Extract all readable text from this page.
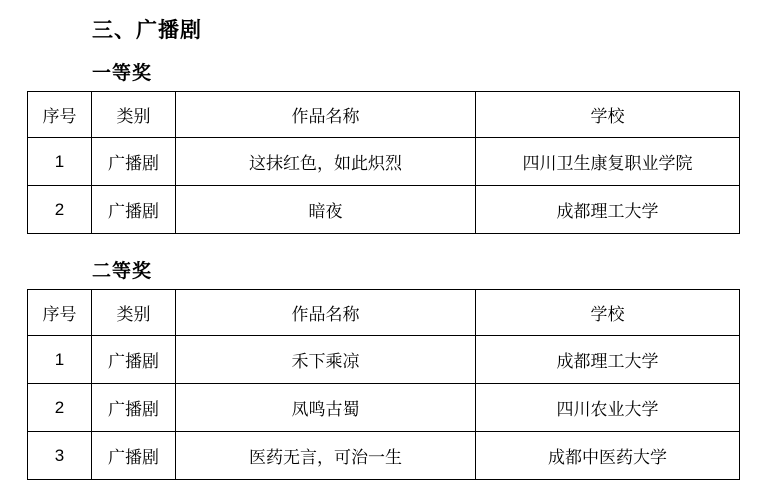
三、广播剧
一等奖
序号	类别	作品名称	学校
1	广播剧	这抹红色，如此炽烈	四川卫生康复职业学院
2	广播剧	暗夜	成都理工大学
二等奖
序号	类别	作品名称	学校
1	广播剧	禾下乘凉	成都理工大学
2	广播剧	凤鸣古蜀	四川农业大学
3	广播剧	医药无言，可治一生	成都中医药大学
